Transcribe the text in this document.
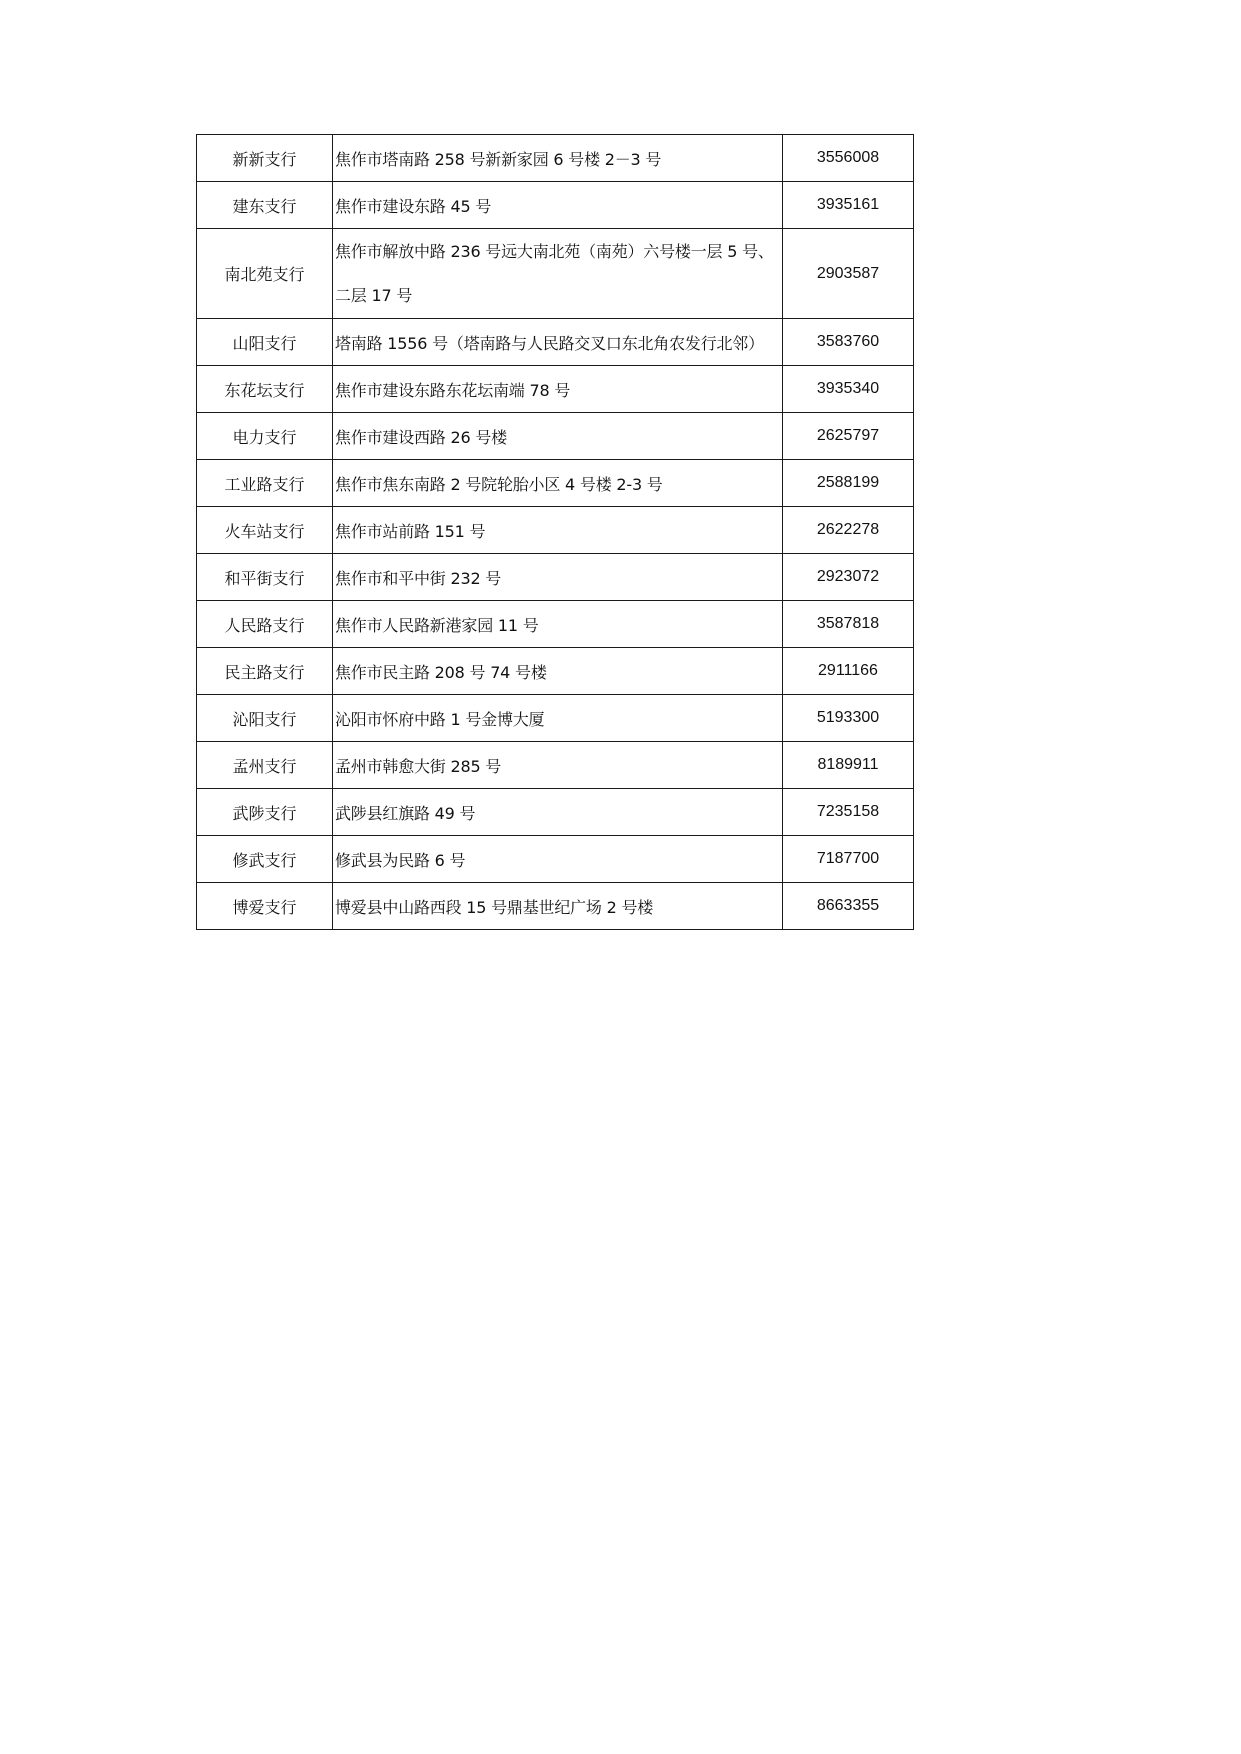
新新支行	焦作市塔南路 258 号新新家园 6 号楼 2－3 号	3556008
建东支行	焦作市建设东路 45 号	3935161
南北苑支行	焦作市解放中路 236 号远大南北苑（南苑）六号楼一层 5 号、二层 17 号	2903587
山阳支行	塔南路 1556 号（塔南路与人民路交叉口东北角农发行北邻）	3583760
东花坛支行	焦作市建设东路东花坛南端 78 号	3935340
电力支行	焦作市建设西路 26 号楼	2625797
工业路支行	焦作市焦东南路 2 号院轮胎小区 4 号楼 2-3 号	2588199
火车站支行	焦作市站前路 151 号	2622278
和平街支行	焦作市和平中街 232 号	2923072
人民路支行	焦作市人民路新港家园 11 号	3587818
民主路支行	焦作市民主路 208 号 74 号楼	2911166
沁阳支行	沁阳市怀府中路 1 号金博大厦	5193300
孟州支行	孟州市韩愈大街 285 号	8189911
武陟支行	武陟县红旗路 49 号	7235158
修武支行	修武县为民路 6 号	7187700
博爱支行	博爱县中山路西段 15 号鼎基世纪广场 2 号楼	8663355
